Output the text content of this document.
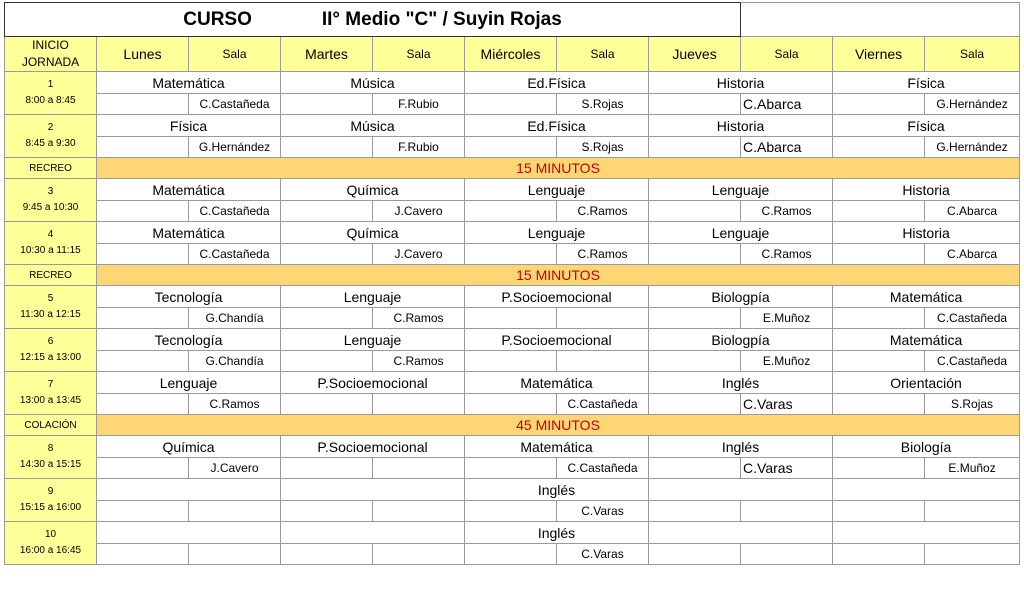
CURSO II° Medio "C" / Suyin Rojas										

INICIO
JORNADA	Lunes	Sala	Martes	Sala	Miércoles	Sala	Jueves	Sala	Viernes	Sala

1
8:00 a 8:45	Matemática		Música		Ed.Física		Historia		Física	
		C.Castañeda		F.Rubio		S.Rojas		C.Abarca		G.Hernández

2
8:45 a 9:30	Física		Música		Ed.Física		Historia		Física	
		G.Hernández		F.Rubio		S.Rojas		C.Abarca		G.Hernández
RECREO	15 MINUTOS									

3
9:45 a 10:30	Matemática		Química		Lenguaje		Lenguaje		Historia	
		C.Castañeda		J.Cavero		C.Ramos		C.Ramos		C.Abarca

4
10:30 a 11:15	Matemática		Química		Lenguaje		Lenguaje		Historia	
		C.Castañeda		J.Cavero		C.Ramos		C.Ramos		C.Abarca
RECREO	15 MINUTOS									

5
11:30 a 12:15	Tecnología		Lenguaje		P.Socioemocional		Biologpía		Matemática	
		G.Chandía		C.Ramos				E.Muñoz		C.Castañeda

6
12:15 a 13:00	Tecnología		Lenguaje		P.Socioemocional		Biologpía		Matemática	
		G.Chandía		C.Ramos				E.Muñoz		C.Castañeda

7
13:00 a 13:45	Lenguaje		P.Socioemocional		Matemática		Inglés		Orientación	
		C.Ramos				C.Castañeda		C.Varas		S.Rojas
COLACIÓN	45 MINUTOS									

8
14:30 a 15:15	Química		P.Socioemocional		Matemática		Inglés		Biología	
		J.Cavero				C.Castañeda		C.Varas		E.Muñoz

9
15:15 a 16:00					Inglés					
						C.Varas				

10
16:00 a 16:45					Inglés					
						C.Varas				
